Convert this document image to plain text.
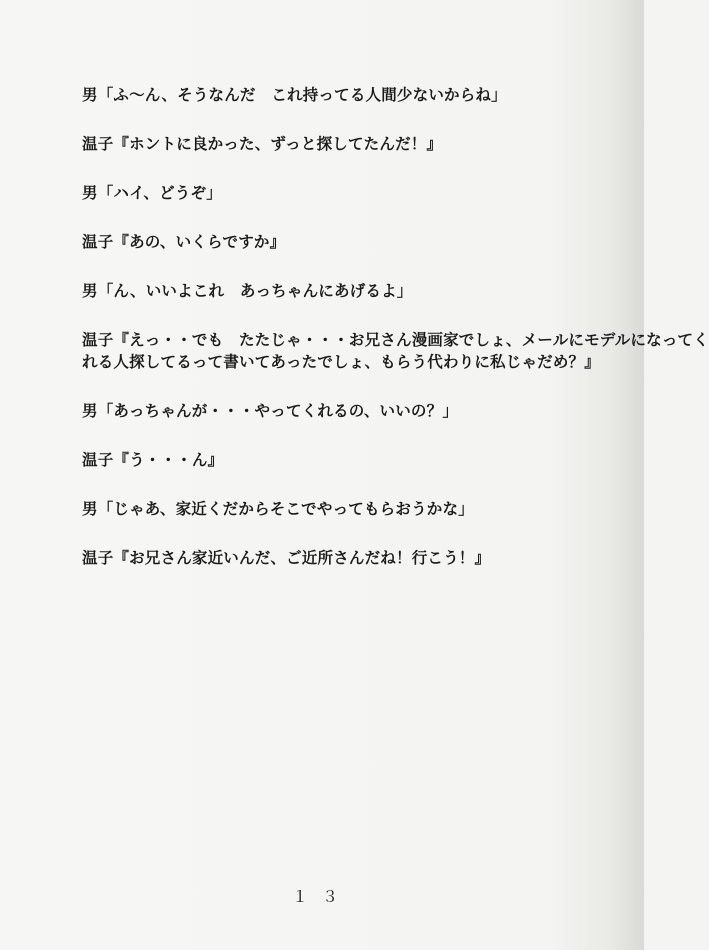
男「ふ～ん、そうなんだ　これ持ってる人間少ないからね」

温子『ホントに良かった、ずっと探してたんだ！』

男「ハイ、どうぞ」

温子『あの、いくらですか』

男「ん、いいよこれ　あっちゃんにあげるよ」

温子『えっ・・でも　たたじゃ・・・お兄さん漫画家でしょ、メールにモデルになってく

れる人探してるって書いてあったでしょ、もらう代わりに私じゃだめ？』

男「あっちゃんが・・・やってくれるの、いいの？」

温子『う・・・ん』

男「じゃあ、家近くだからそこでやってもらおうかな」

温子『お兄さん家近いんだ、ご近所さんだね！行こう！』

１３
